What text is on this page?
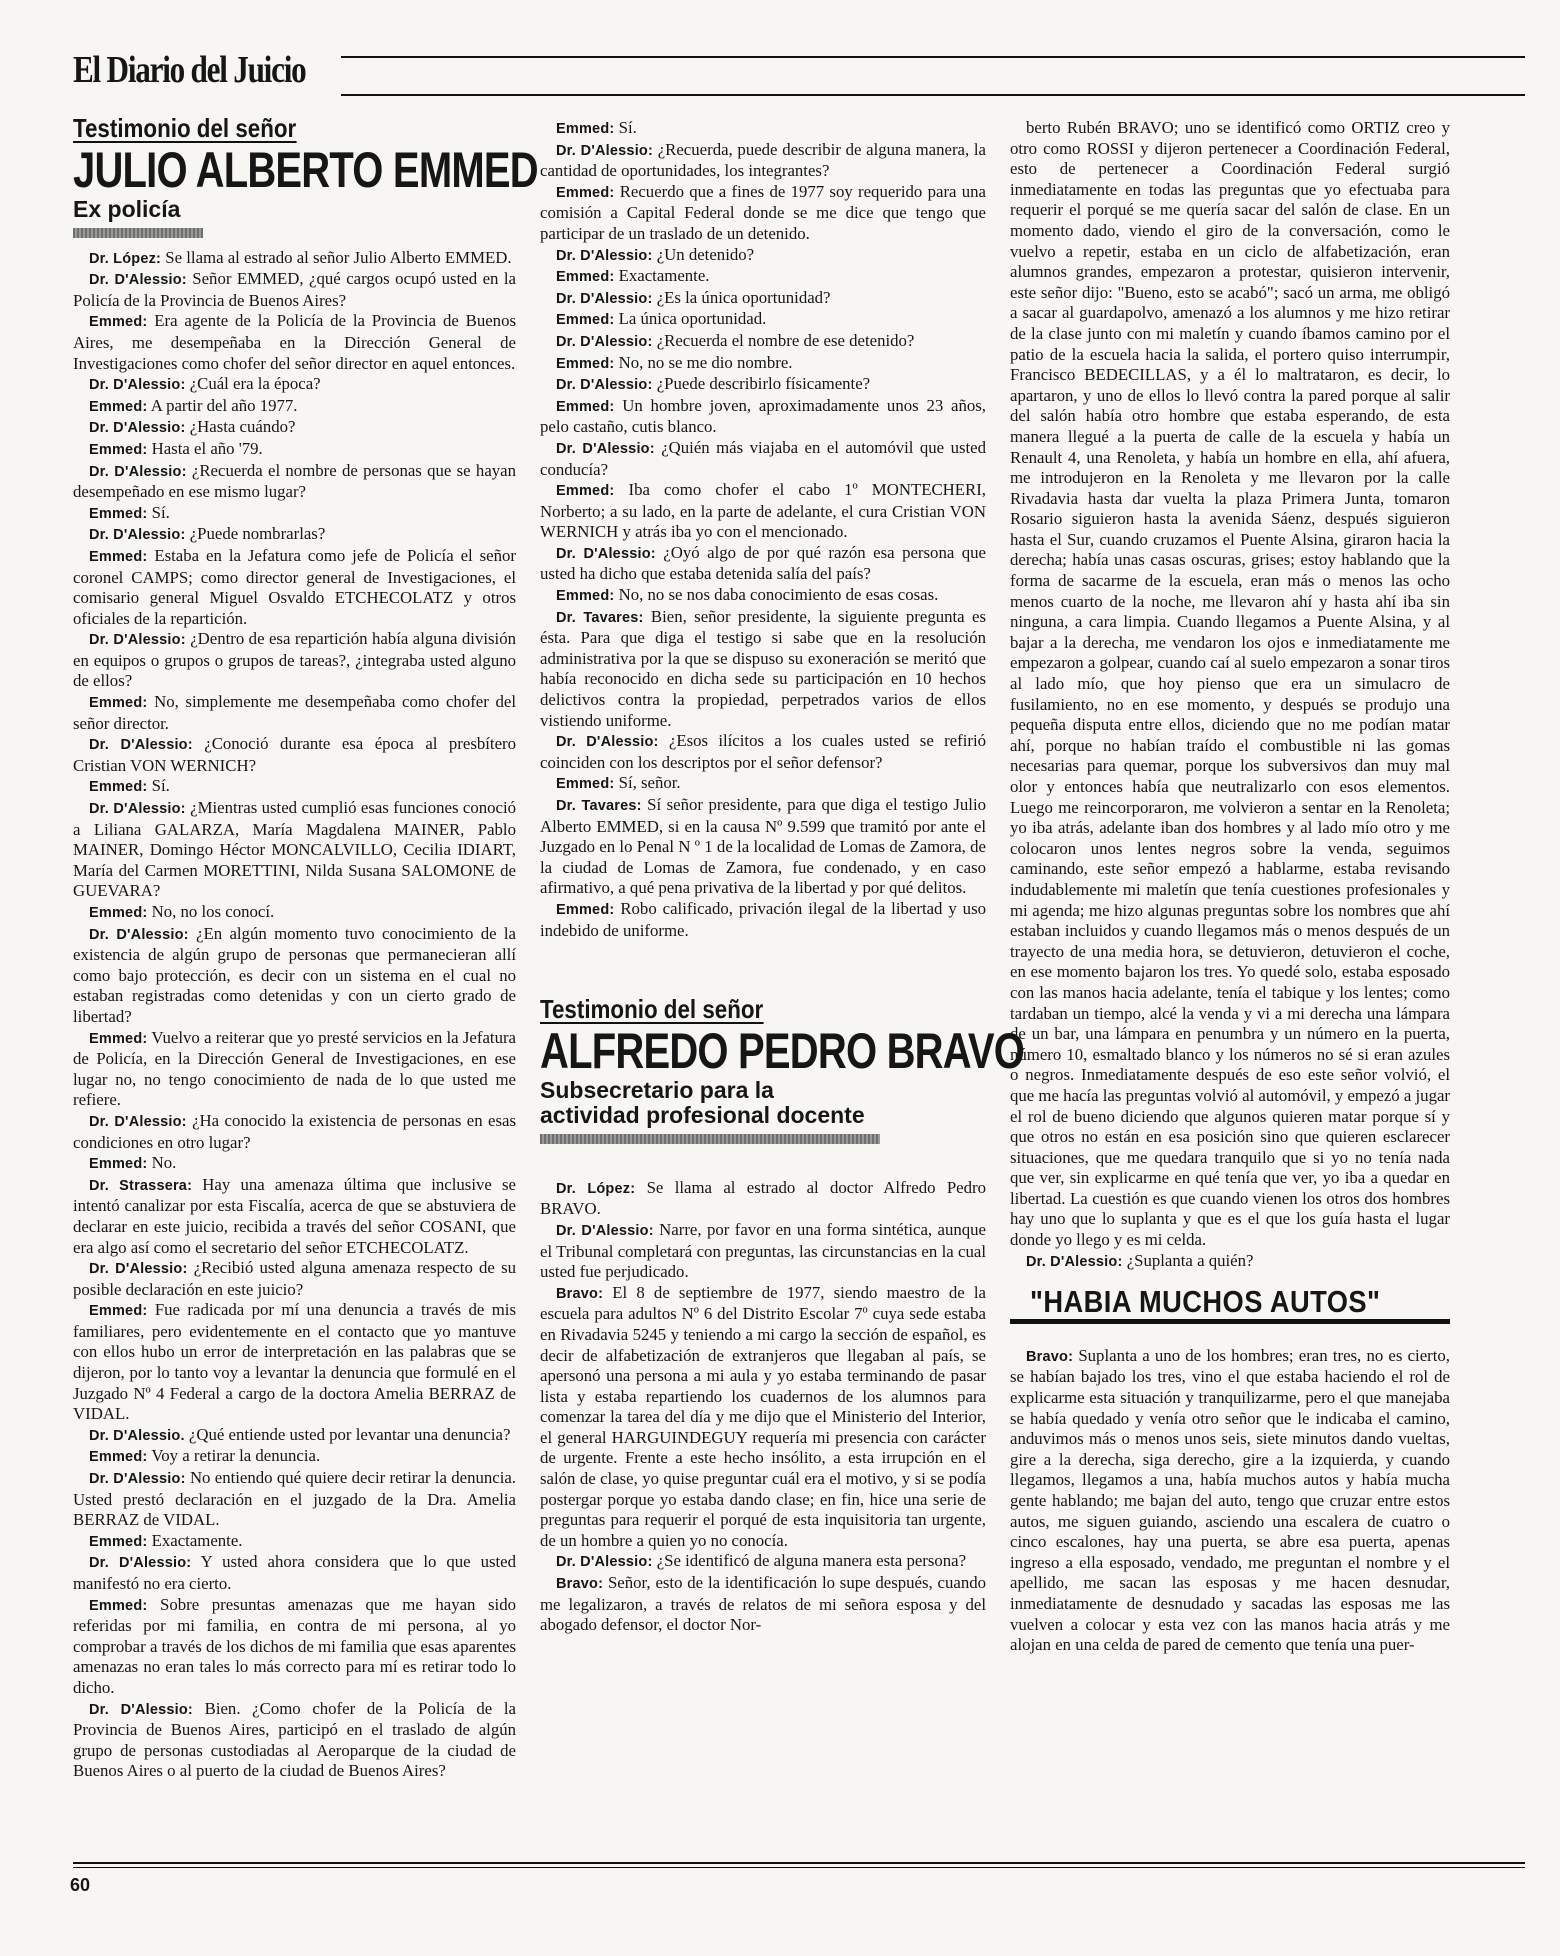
El Diario del Juicio
Testimonio del señor
JULIO ALBERTO EMMED
Ex policía

Dr. López: Se llama al estrado al señor Julio Alberto EMMED.

Dr. D'Alessio: Señor EMMED, ¿qué cargos ocupó usted en la Policía de la Provincia de Buenos Aires?

Emmed: Era agente de la Policía de la Provincia de Buenos Aires, me desempeñaba en la Dirección General de Investigaciones como chofer del señor director en aquel entonces.

Dr. D'Alessio: ¿Cuál era la época?

Emmed: A partir del año 1977.

Dr. D'Alessio: ¿Hasta cuándo?

Emmed: Hasta el año '79.

Dr. D'Alessio: ¿Recuerda el nombre de personas que se hayan desempeñado en ese mismo lugar?

Emmed: Sí.

Dr. D'Alessio: ¿Puede nombrarlas?

Emmed: Estaba en la Jefatura como jefe de Policía el señor coronel CAMPS; como director general de Investigaciones, el comisario general Miguel Osvaldo ETCHECOLATZ y otros oficiales de la repartición.

Dr. D'Alessio: ¿Dentro de esa repartición había alguna división en equipos o grupos o grupos de tareas?, ¿integraba usted alguno de ellos?

Emmed: No, simplemente me desempeñaba como chofer del señor director.

Dr. D'Alessio: ¿Conoció durante esa época al presbítero Cristian VON WERNICH?

Emmed: Sí.

Dr. D'Alessio: ¿Mientras usted cumplió esas funciones conoció a Liliana GALARZA, María Magdalena MAINER, Pablo MAINER, Domingo Héctor MONCALVILLO, Cecilia IDIART, María del Carmen MORETTINI, Nilda Susana SALOMONE de GUEVARA?

Emmed: No, no los conocí.

Dr. D'Alessio: ¿En algún momento tuvo conocimiento de la existencia de algún grupo de personas que permanecieran allí como bajo protección, es decir con un sistema en el cual no estaban registradas como detenidas y con un cierto grado de libertad?

Emmed: Vuelvo a reiterar que yo presté servicios en la Jefatura de Policía, en la Dirección General de Investigaciones, en ese lugar no, no tengo conocimiento de nada de lo que usted me refiere.

Dr. D'Alessio: ¿Ha conocido la existencia de personas en esas condiciones en otro lugar?

Emmed: No.

Dr. Strassera: Hay una amenaza última que inclusive se intentó canalizar por esta Fiscalía, acerca de que se abstuviera de declarar en este juicio, recibida a través del señor COSANI, que era algo así como el secretario del señor ETCHECOLATZ.

Dr. D'Alessio: ¿Recibió usted alguna amenaza respecto de su posible declaración en este juicio?

Emmed: Fue radicada por mí una denuncia a través de mis familiares, pero evidentemente en el contacto que yo mantuve con ellos hubo un error de interpretación en las palabras que se dijeron, por lo tanto voy a levantar la denuncia que formulé en el Juzgado Nº 4 Federal a cargo de la doctora Amelia BERRAZ de VIDAL.

Dr. D'Alessio. ¿Qué entiende usted por levantar una denuncia?

Emmed: Voy a retirar la denuncia.

Dr. D'Alessio: No entiendo qué quiere decir retirar la denuncia. Usted prestó declaración en el juzgado de la Dra. Amelia BERRAZ de VIDAL.

Emmed: Exactamente.

Dr. D'Alessio: Y usted ahora considera que lo que usted manifestó no era cierto.

Emmed: Sobre presuntas amenazas que me hayan sido referidas por mi familia, en contra de mi persona, al yo comprobar a través de los dichos de mi familia que esas aparentes amenazas no eran tales lo más correcto para mí es retirar todo lo dicho.

Dr. D'Alessio: Bien. ¿Como chofer de la Policía de la Provincia de Buenos Aires, participó en el traslado de algún grupo de personas custodiadas al Aeroparque de la ciudad de Buenos Aires o al puerto de la ciudad de Buenos Aires?

Emmed: Sí.

Dr. D'Alessio: ¿Recuerda, puede describir de alguna manera, la cantidad de oportunidades, los integrantes?

Emmed: Recuerdo que a fines de 1977 soy requerido para una comisión a Capital Federal donde se me dice que tengo que participar de un traslado de un detenido.

Dr. D'Alessio: ¿Un detenido?

Emmed: Exactamente.

Dr. D'Alessio: ¿Es la única oportunidad?

Emmed: La única oportunidad.

Dr. D'Alessio: ¿Recuerda el nombre de ese detenido?

Emmed: No, no se me dio nombre.

Dr. D'Alessio: ¿Puede describirlo físicamente?

Emmed: Un hombre joven, aproximadamente unos 23 años, pelo castaño, cutis blanco.

Dr. D'Alessio: ¿Quién más viajaba en el automóvil que usted conducía?

Emmed: Iba como chofer el cabo 1º MONTECHERI, Norberto; a su lado, en la parte de adelante, el cura Cristian VON WERNICH y atrás iba yo con el mencionado.

Dr. D'Alessio: ¿Oyó algo de por qué razón esa persona que usted ha dicho que estaba detenida salía del país?

Emmed: No, no se nos daba conocimiento de esas cosas.

Dr. Tavares: Bien, señor presidente, la siguiente pregunta es ésta. Para que diga el testigo si sabe que en la resolución administrativa por la que se dispuso su exoneración se meritó que había reconocido en dicha sede su participación en 10 hechos delictivos contra la propiedad, perpetrados varios de ellos vistiendo uniforme.

Dr. D'Alessio: ¿Esos ilícitos a los cuales usted se refirió coinciden con los descriptos por el señor defensor?

Emmed: Sí, señor.

Dr. Tavares: Sí señor presidente, para que diga el testigo Julio Alberto EMMED, si en la causa Nº 9.599 que tramitó por ante el Juzgado en lo Penal N º 1 de la localidad de Lomas de Zamora, de la ciudad de Lomas de Zamora, fue condenado, y en caso afirmativo, a qué pena privativa de la libertad y por qué delitos.

Emmed: Robo calificado, privación ilegal de la libertad y uso indebido de uniforme.

Testimonio del señor
ALFREDO PEDRO BRAVO
Subsecretario para la
actividad profesional docente

Dr. López: Se llama al estrado al doctor Alfredo Pedro BRAVO.

Dr. D'Alessio: Narre, por favor en una forma sintética, aunque el Tribunal completará con preguntas, las circunstancias en la cual usted fue perjudicado.

Bravo: El 8 de septiembre de 1977, siendo maestro de la escuela para adultos Nº 6 del Distrito Escolar 7º cuya sede estaba en Rivadavia 5245 y teniendo a mi cargo la sección de español, es decir de alfabetización de extranjeros que llegaban al país, se apersonó una persona a mi aula y yo estaba terminando de pasar lista y estaba repartiendo los cuadernos de los alumnos para comenzar la tarea del día y me dijo que el Ministerio del Interior, el general HARGUINDEGUY requería mi presencia con carácter de urgente. Frente a este hecho insólito, a esta irrupción en el salón de clase, yo quise preguntar cuál era el motivo, y si se podía postergar porque yo estaba dando clase; en fin, hice una serie de preguntas para requerir el porqué de esta inquisitoria tan urgente, de un hombre a quien yo no conocía.

Dr. D'Alessio: ¿Se identificó de alguna manera esta persona?

Bravo: Señor, esto de la identificación lo supe después, cuando me legalizaron, a través de relatos de mi señora esposa y del abogado defensor, el doctor Nor-

berto Rubén BRAVO; uno se identificó como ORTIZ creo y otro como ROSSI y dijeron pertenecer a Coordinación Federal, esto de pertenecer a Coordinación Federal surgió inmediatamente en todas las preguntas que yo efectuaba para requerir el porqué se me quería sacar del salón de clase. En un momento dado, viendo el giro de la conversación, como le vuelvo a repetir, estaba en un ciclo de alfabetización, eran alumnos grandes, empezaron a protestar, quisieron intervenir, este señor dijo: "Bueno, esto se acabó"; sacó un arma, me obligó a sacar al guardapolvo, amenazó a los alumnos y me hizo retirar de la clase junto con mi maletín y cuando íbamos camino por el patio de la escuela hacia la salida, el portero quiso interrumpir, Francisco BEDECILLAS, y a él lo maltrataron, es decir, lo apartaron, y uno de ellos lo llevó contra la pared porque al salir del salón había otro hombre que estaba esperando, de esta manera llegué a la puerta de calle de la escuela y había un Renault 4, una Renoleta, y había un hombre en ella, ahí afuera, me introdujeron en la Renoleta y me llevaron por la calle Rivadavia hasta dar vuelta la plaza Primera Junta, tomaron Rosario siguieron hasta la avenida Sáenz, después siguieron hasta el Sur, cuando cruzamos el Puente Alsina, giraron hacia la derecha; había unas casas oscuras, grises; estoy hablando que la forma de sacarme de la escuela, eran más o menos las ocho menos cuarto de la noche, me llevaron ahí y hasta ahí iba sin ninguna, a cara limpia. Cuando llegamos a Puente Alsina, y al bajar a la derecha, me vendaron los ojos e inmediatamente me empezaron a golpear, cuando caí al suelo empezaron a sonar tiros al lado mío, que hoy pienso que era un simulacro de fusilamiento, no en ese momento, y después se produjo una pequeña disputa entre ellos, diciendo que no me podían matar ahí, porque no habían traído el combustible ni las gomas necesarias para quemar, porque los subversivos dan muy mal olor y entonces había que neutralizarlo con esos elementos. Luego me reincorporaron, me volvieron a sentar en la Renoleta; yo iba atrás, adelante iban dos hombres y al lado mío otro y me colocaron unos lentes negros sobre la venda, seguimos caminando, este señor empezó a hablarme, estaba revisando indudablemente mi maletín que tenía cuestiones profesionales y mi agenda; me hizo algunas preguntas sobre los nombres que ahí estaban incluidos y cuando llegamos más o menos después de un trayecto de una media hora, se detuvieron, detuvieron el coche, en ese momento bajaron los tres. Yo quedé solo, estaba esposado con las manos hacia adelante, tenía el tabique y los lentes; como tardaban un tiempo, alcé la venda y vi a mi derecha una lámpara de un bar, una lámpara en penumbra y un número en la puerta, número 10, esmaltado blanco y los números no sé si eran azules o negros. Inmediatamente después de eso este señor volvió, el que me hacía las preguntas volvió al automóvil, y empezó a jugar el rol de bueno diciendo que algunos quieren matar porque sí y que otros no están en esa posición sino que quieren esclarecer situaciones, que me quedara tranquilo que si yo no tenía nada que ver, sin explicarme en qué tenía que ver, yo iba a quedar en libertad. La cuestión es que cuando vienen los otros dos hombres hay uno que lo suplanta y que es el que los guía hasta el lugar donde yo llego y es mi celda.

Dr. D'Alessio: ¿Suplanta a quién?

"HABIA MUCHOS AUTOS"

Bravo: Suplanta a uno de los hombres; eran tres, no es cierto, se habían bajado los tres, vino el que estaba haciendo el rol de explicarme esta situación y tranquilizarme, pero el que manejaba se había quedado y venía otro señor que le indicaba el camino, anduvimos más o menos unos seis, siete minutos dando vueltas, gire a la derecha, siga derecho, gire a la izquierda, y cuando llegamos, llegamos a una, había muchos autos y había mucha gente hablando; me bajan del auto, tengo que cruzar entre estos autos, me siguen guiando, asciendo una escalera de cuatro o cinco escalones, hay una puerta, se abre esa puerta, apenas ingreso a ella esposado, vendado, me preguntan el nombre y el apellido, me sacan las esposas y me hacen desnudar, inmediatamente de desnudado y sacadas las esposas me las vuelven a colocar y esta vez con las manos hacia atrás y me alojan en una celda de pared de cemento que tenía una puer-

60
